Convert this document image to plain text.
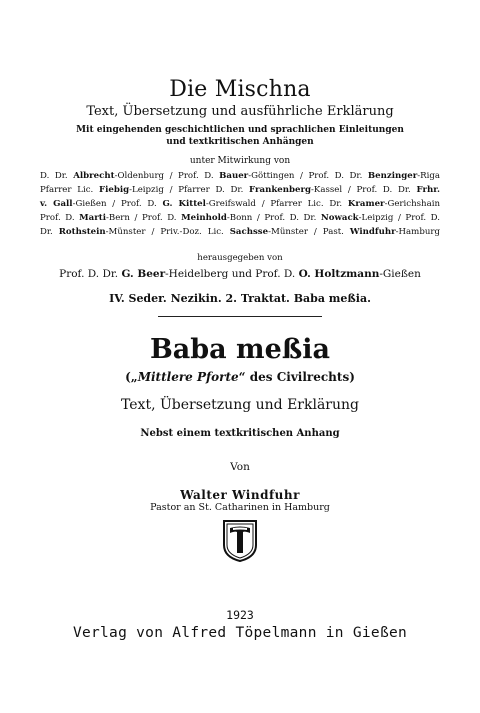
Die Mischna
Text, Übersetzung und ausführliche Erklärung
Mit eingehenden geschichtlichen und sprachlichen Einleitungen
und textkritischen Anhängen
unter Mitwirkung von
D. Dr. Albrecht-Oldenburg / Prof. D. Bauer-Göttingen / Prof. D. Dr. Benzinger-Riga
Pfarrer Lic. Fiebig-Leipzig / Pfarrer D. Dr. Frankenberg-Kassel / Prof. D. Dr. Frhr.
v. Gall-Gießen / Prof. D. G. Kittel-Greifswald / Pfarrer Lic. Dr. Kramer-Gerichshain
Prof. D. Marti-Bern / Prof. D. Meinhold-Bonn / Prof. D. Dr. Nowack-Leipzig / Prof. D.
Dr. Rothstein-Münster / Priv.-Doz. Lic. Sachsse-Münster / Past. Windfuhr-Hamburg
herausgegeben von
Prof. D. Dr. G. Beer-Heidelberg und Prof. D. O. Holtzmann-Gießen
IV. Seder. Nezikin. 2. Traktat. Baba meßia.
Baba meßia
(„Mittlere Pforte“ des Civilrechts)
Text, Übersetzung und Erklärung
Nebst einem textkritischen Anhang
Von
Walter Windfuhr
Pastor an St. Catharinen in Hamburg
1923
Verlag von Alfred Töpelmann in Gießen
